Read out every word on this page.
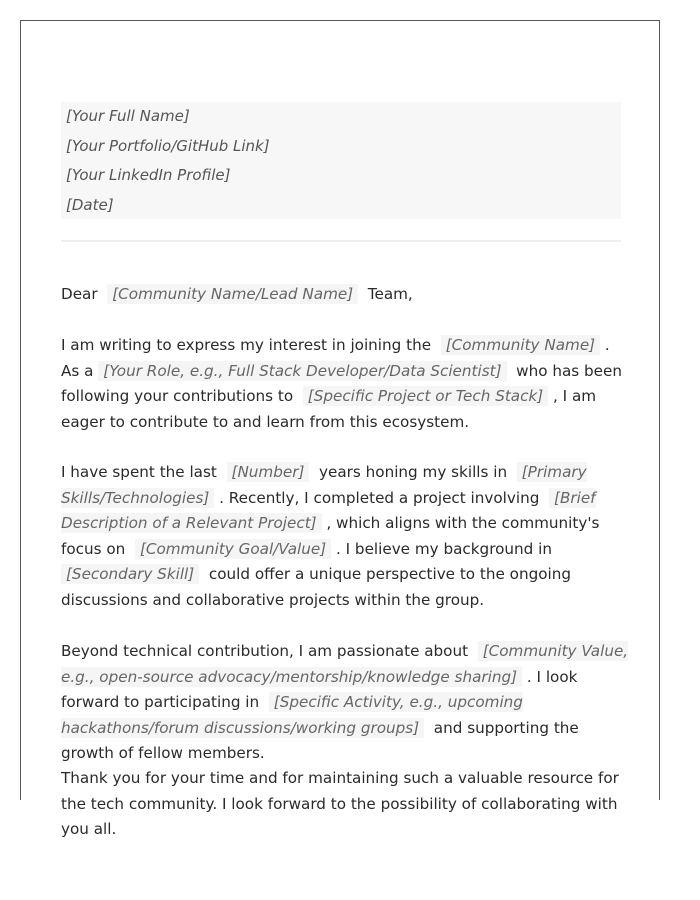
[Your Full Name]
[Your Portfolio/GitHub Link]
[Your LinkedIn Profile]
[Date]

Dear [Community Name/Lead Name] Team,

I am writing to express my interest in joining the [Community Name] . As a [Your Role, e.g., Full Stack Developer/Data Scientist] who has been following your contributions to [Specific Project or Tech Stack] , I am eager to contribute to and learn from this ecosystem.

I have spent the last [Number] years honing my skills in [Primary Skills/Technologies] . Recently, I completed a project involving [Brief Description of a Relevant Project] , which aligns with the community's focus on [Community Goal/Value] . I believe my background in  [Secondary Skill] could offer a unique perspective to the ongoing discussions and collaborative projects within the group.

Beyond technical contribution, I am passionate about [Community Value, e.g., open-source advocacy/mentorship/knowledge sharing] . I look forward to participating in [Specific Activity, e.g., upcoming hackathons/forum discussions/working groups] and supporting the growth of fellow members.

Thank you for your time and for maintaining such a valuable resource for the tech community. I look forward to the possibility of collaborating with you all.
